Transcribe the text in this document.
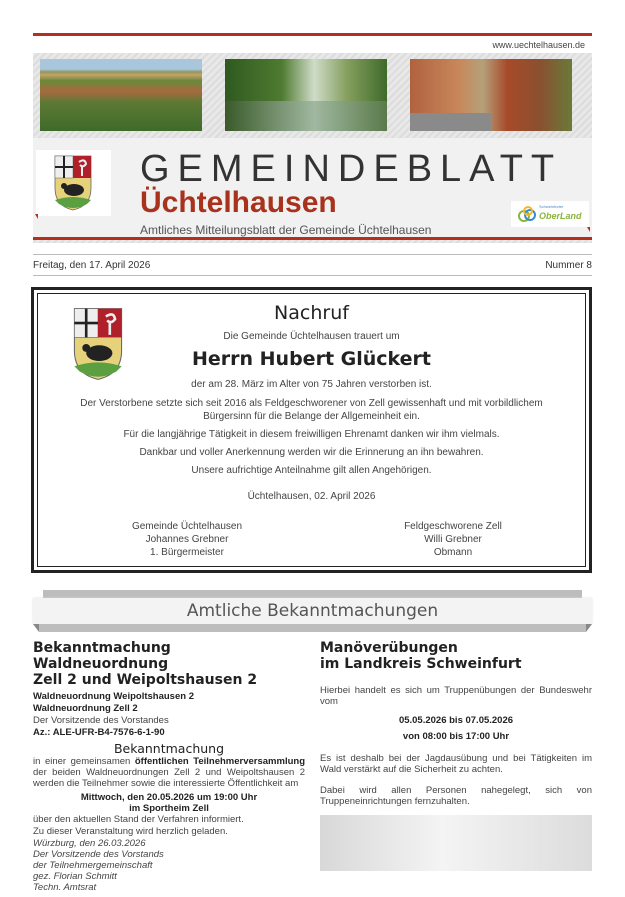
www.uechtelhausen.de
GEMEINDEBLATT
Üchtelhausen
Amtliches Mitteilungsblatt der Gemeinde Üchtelhausen
Schweinfurter
OberLand
Freitag, den 17. April 2026	Nummer 8
Nachruf
Die Gemeinde Üchtelhausen trauert um
Herrn Hubert Glückert
der am 28. März im Alter von 75 Jahren verstorben ist.
Der Verstorbene setzte sich seit 2016 als Feldgeschworener von Zell gewissenhaft und mit vorbildlichem
Bürgersinn für die Belange der Allgemeinheit ein.
Für die langjährige Tätigkeit in diesem freiwilligen Ehrenamt danken wir ihm vielmals.
Dankbar und voller Anerkennung werden wir die Erinnerung an ihn bewahren.
Unsere aufrichtige Anteilnahme gilt allen Angehörigen.
Üchtelhausen, 02. April 2026
Gemeinde Üchtelhausen
Johannes Grebner
1. Bürgermeister
Feldgeschworene Zell
Willi Grebner
Obmann
Amtliche Bekanntmachungen
Bekanntmachung Waldneuordnung
Zell 2 und Weipoltshausen 2
Waldneuordnung Weipoltshausen 2
Waldneuordnung Zell 2
Der Vorsitzende des Vorstandes
Az.: ALE-UFR-B4-7576-6-1-90
Bekanntmachung
in einer gemeinsamen öffentlichen Teilnehmerversammlung der beiden Waldneuordnungen Zell 2 und Weipoltshausen 2 werden die Teilnehmer sowie die interessierte Öffentlichkeit am
Mittwoch, den 20.05.2026 um 19:00 Uhr
im Sportheim Zell
über den aktuellen Stand der Verfahren informiert.
Zu dieser Veranstaltung wird herzlich geladen.
Würzburg, den 26.03.2026
Der Vorsitzende des Vorstands
der Teilnehmergemeinschaft
gez. Florian Schmitt
Techn. Amtsrat
Manöverübungen
im Landkreis Schweinfurt
Hierbei handelt es sich um Truppenübungen der Bundeswehr vom
05.05.2026 bis 07.05.2026
von 08:00 bis 17:00 Uhr
Es ist deshalb bei der Jagdausübung und bei Tätigkeiten im Wald verstärkt auf die Sicherheit zu achten.
Dabei wird allen Personen nahegelegt, sich von Truppeneinrichtungen fernzuhalten.
